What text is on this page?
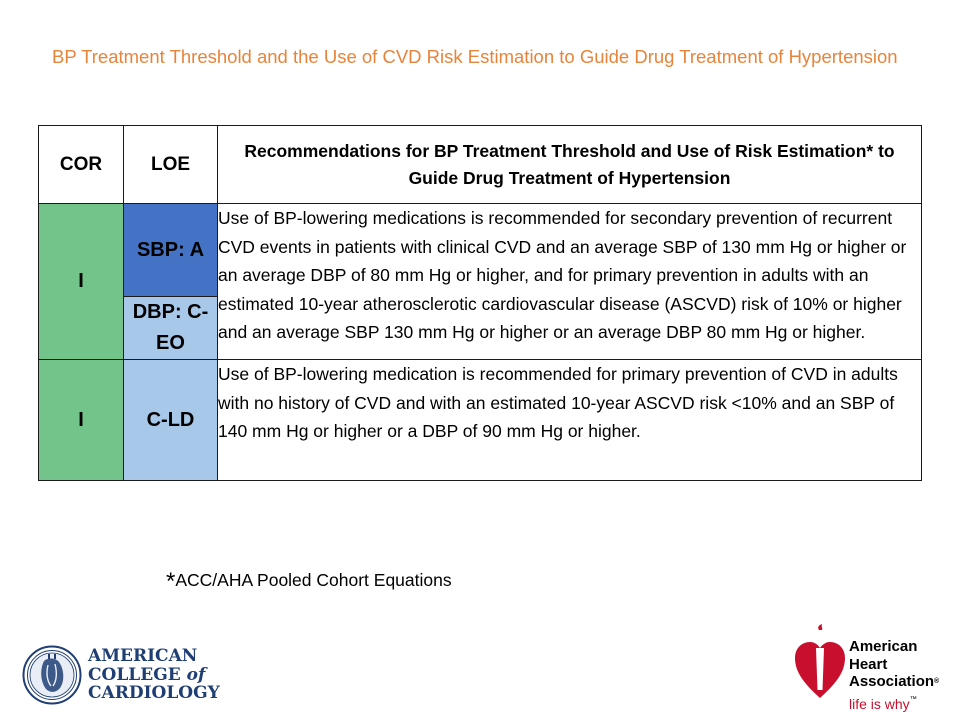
BP Treatment Threshold and the Use of CVD Risk Estimation to Guide Drug Treatment of Hypertension
COR	LOE	Recommendations for BP Treatment Threshold and Use of Risk Estimation* to Guide Drug Treatment of Hypertension
I	SBP: A	Use of BP-lowering medications is recommended for secondary prevention of recurrent CVD events in patients with clinical CVD and an average SBP of 130 mm Hg or higher or an average DBP of 80 mm Hg or higher, and for primary prevention in adults with an estimated 10-year atherosclerotic cardiovascular disease (ASCVD) risk of 10% or higher and an average SBP 130 mm Hg or higher or an average DBP 80 mm Hg or higher.
	DBP: C-EO	
I	C-LD	Use of BP-lowering medication is recommended for primary prevention of CVD in adults with no history of CVD and with an estimated 10-year ASCVD risk <10% and an SBP of 140 mm Hg or higher or a DBP of 90 mm Hg or higher.
*ACC/AHA Pooled Cohort Equations
AMERICAN
COLLEGE of
CARDIOLOGY
American
Heart
Association®
life is why™
